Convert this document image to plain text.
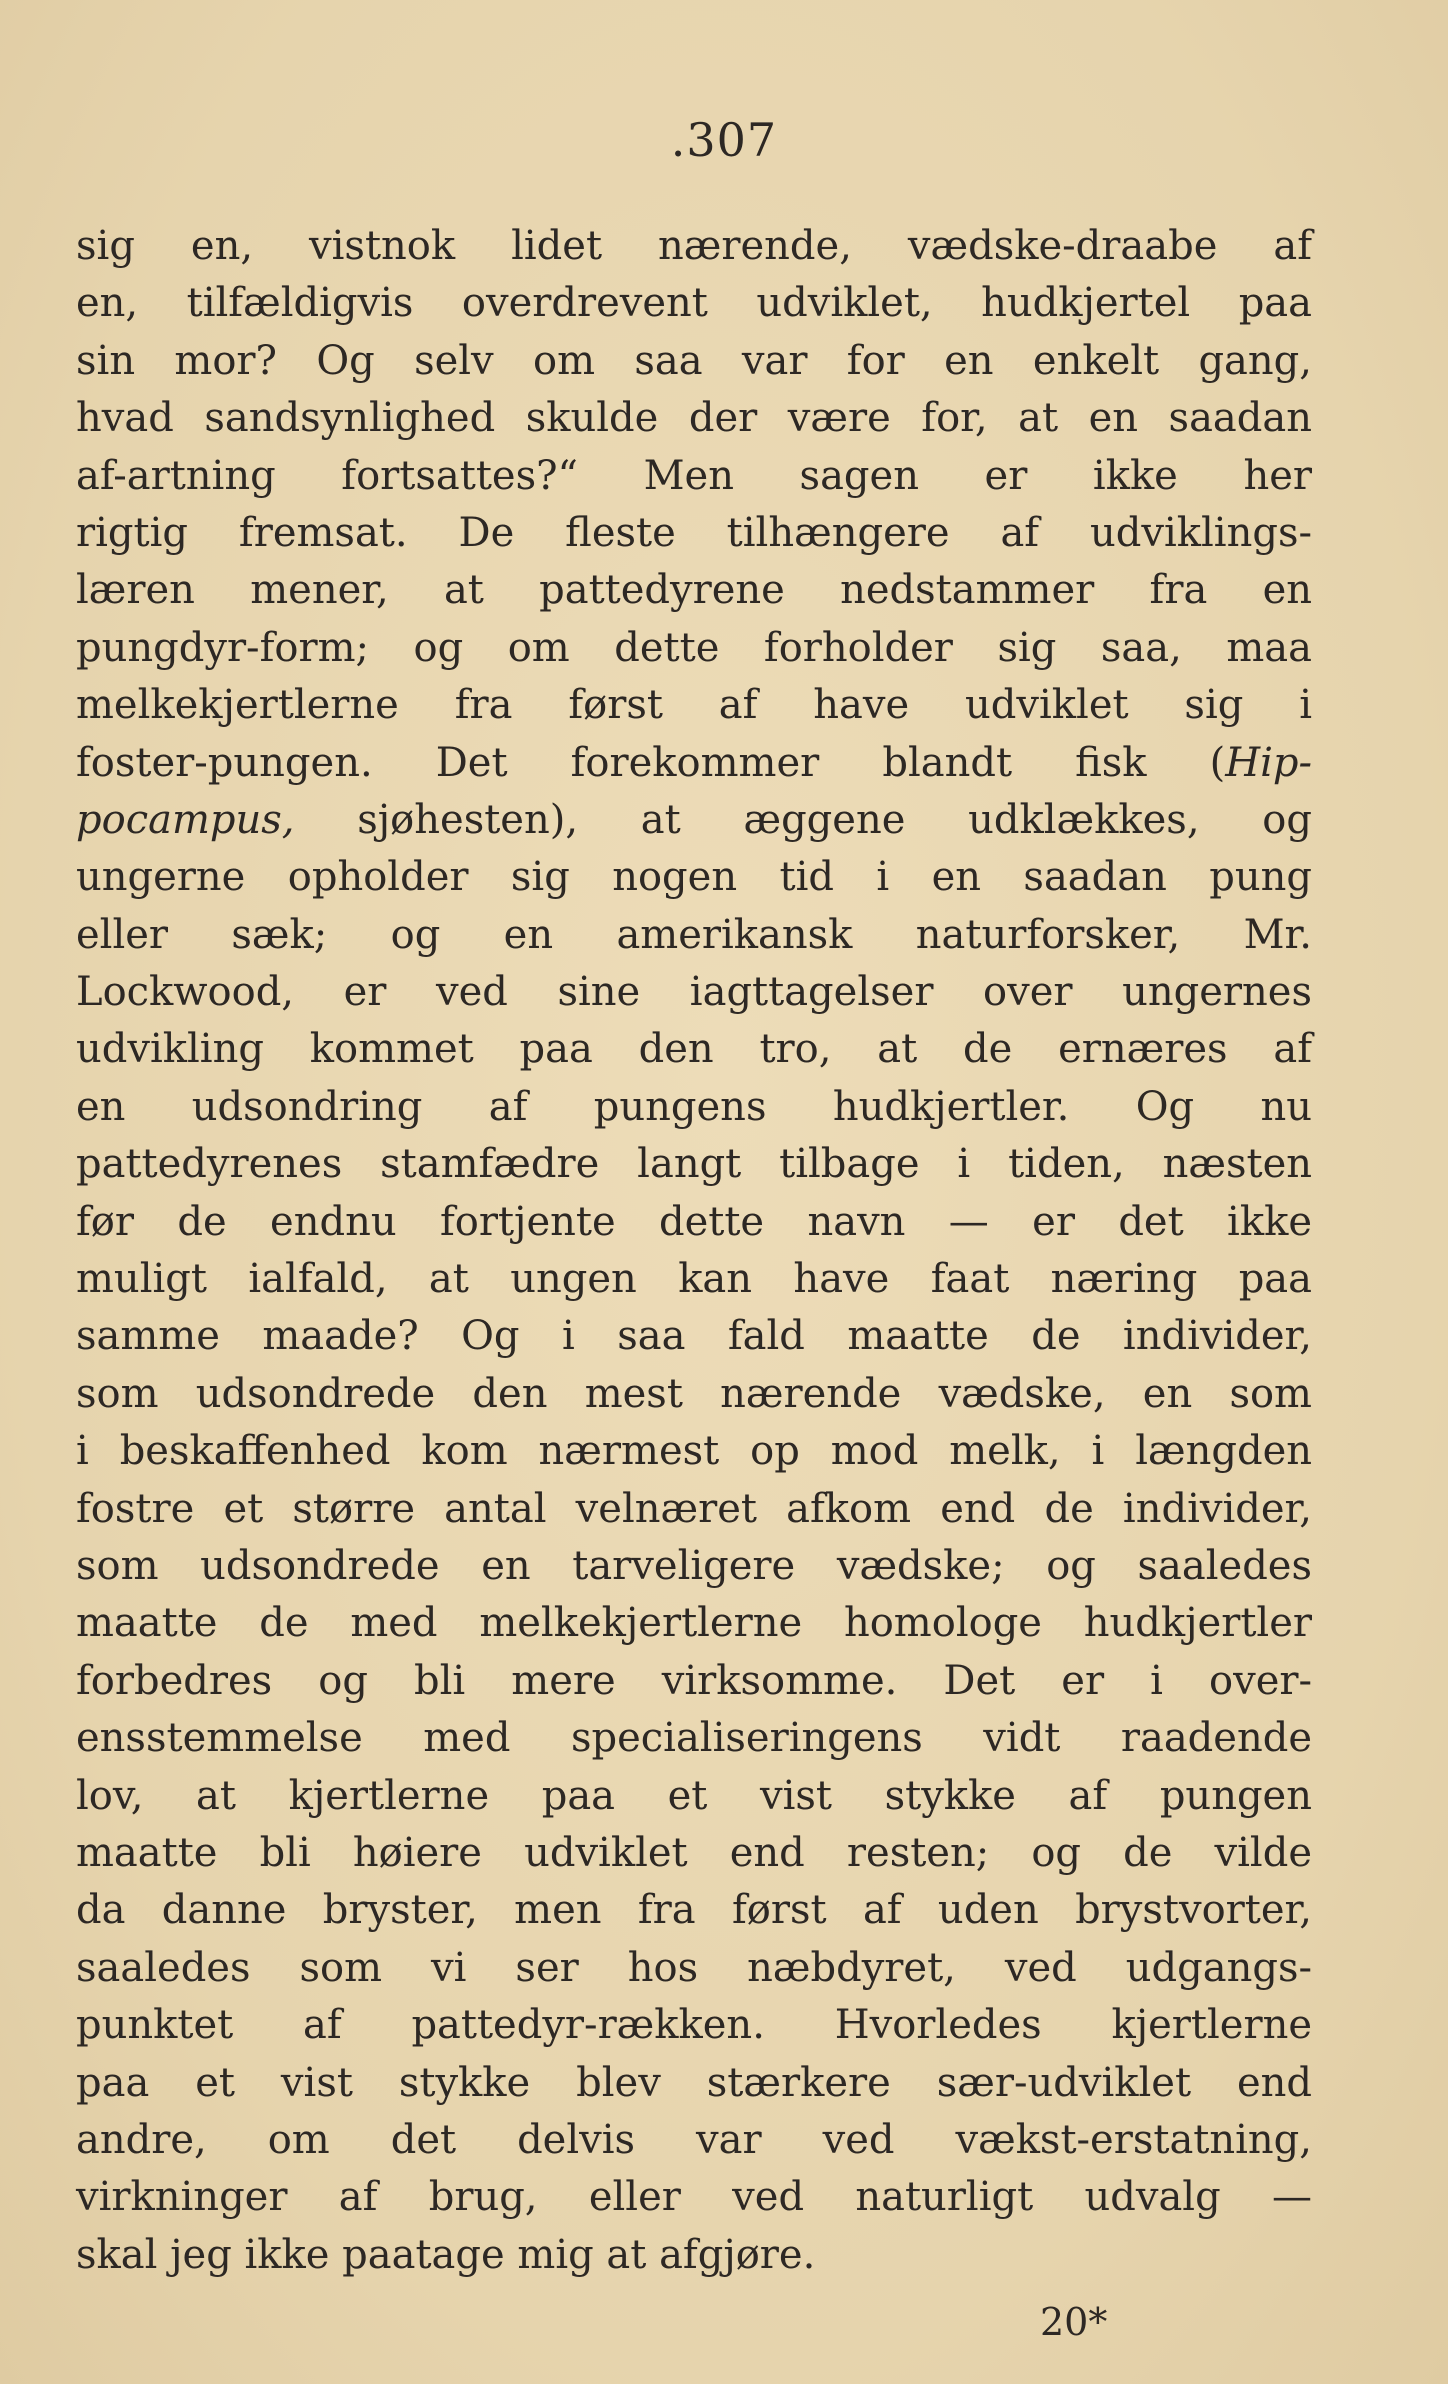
.307
sig en, vistnok lidet nærende, vædske-draabe af
en, tilfældigvis overdrevent udviklet, hudkjertel paa
sin mor? Og selv om saa var for en enkelt gang,
hvad sandsynlighed skulde der være for, at en saadan
af-artning fortsattes?“ Men sagen er ikke her
rigtig fremsat. De fleste tilhængere af udviklings-
læren mener, at pattedyrene nedstammer fra en
pungdyr-form; og om dette forholder sig saa, maa
melkekjertlerne fra først af have udviklet sig i
foster-pungen. Det forekommer blandt fisk (Hip-
pocampus, sjøhesten), at æggene udklækkes, og
ungerne opholder sig nogen tid i en saadan pung
eller sæk; og en amerikansk naturforsker, Mr.
Lockwood, er ved sine iagttagelser over ungernes
udvikling kommet paa den tro, at de ernæres af
en udsondring af pungens hudkjertler. Og nu
pattedyrenes stamfædre langt tilbage i tiden, næsten
før de endnu fortjente dette navn — er det ikke
muligt ialfald, at ungen kan have faat næring paa
samme maade? Og i saa fald maatte de individer,
som udsondrede den mest nærende vædske, en som
i beskaffenhed kom nærmest op mod melk, i længden
fostre et større antal velnæret afkom end de individer,
som udsondrede en tarveligere vædske; og saaledes
maatte de med melkekjertlerne homologe hudkjertler
forbedres og bli mere virksomme. Det er i over-
ensstemmelse med specialiseringens vidt raadende
lov, at kjertlerne paa et vist stykke af pungen
maatte bli høiere udviklet end resten; og de vilde
da danne bryster, men fra først af uden brystvorter,
saaledes som vi ser hos næbdyret, ved udgangs-
punktet af pattedyr-rækken. Hvorledes kjertlerne
paa et vist stykke blev stærkere sær-udviklet end
andre, om det delvis var ved vækst-erstatning,
virkninger af brug, eller ved naturligt udvalg —
skal jeg ikke paatage mig at afgjøre.
20*
